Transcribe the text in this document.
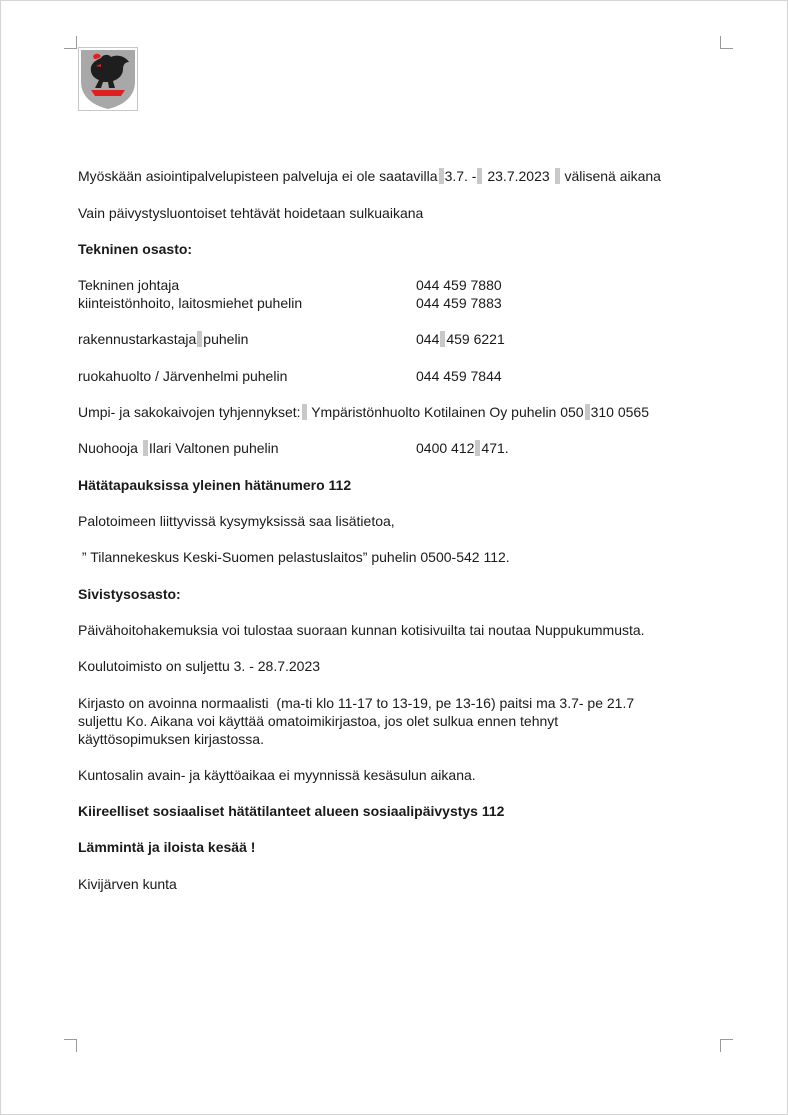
Myöskään asiointipalvelupisteen palveluja ei ole saatavilla 3.7. - 23.7.2023 välisenä aikana
Vain päivystysluontoiset tehtävät hoidetaan sulkuaikana
Tekninen osasto:
Tekninen johtaja	044 459 7880
kiinteistönhoito, laitosmiehet puhelin	044 459 7883
rakennustarkastaja puhelin	044 459 6221
ruokahuolto / Järvenhelmi puhelin	044 459 7844
Umpi- ja sakokaivojen tyhjennykset: Ympäristönhuolto Kotilainen Oy puhelin 050 310 0565
Nuohooja Ilari Valtonen puhelin	0400 412 471.
Hätätapauksissa yleinen hätänumero 112
Palotoimeen liittyvissä kysymyksissä saa lisätietoa,
” Tilannekeskus Keski-Suomen pelastuslaitos” puhelin 0500-542 112.
Sivistysosasto:
Päivähoitohakemuksia voi tulostaa suoraan kunnan kotisivuilta tai noutaa Nuppukummusta.
Koulutoimisto on suljettu 3. - 28.7.2023
Kirjasto on avoinna normaalisti  (ma-ti klo 11-17 to 13-19, pe 13-16) paitsi ma 3.7- pe 21.7
suljettu Ko. Aikana voi käyttää omatoimikirjastoa, jos olet sulkua ennen tehnyt
käyttösopimuksen kirjastossa.
Kuntosalin avain- ja käyttöaikaa ei myynnissä kesäsulun aikana.
Kiireelliset sosiaaliset hätätilanteet alueen sosiaalipäivystys 112
Lämmintä ja iloista kesää !
Kivijärven kunta
